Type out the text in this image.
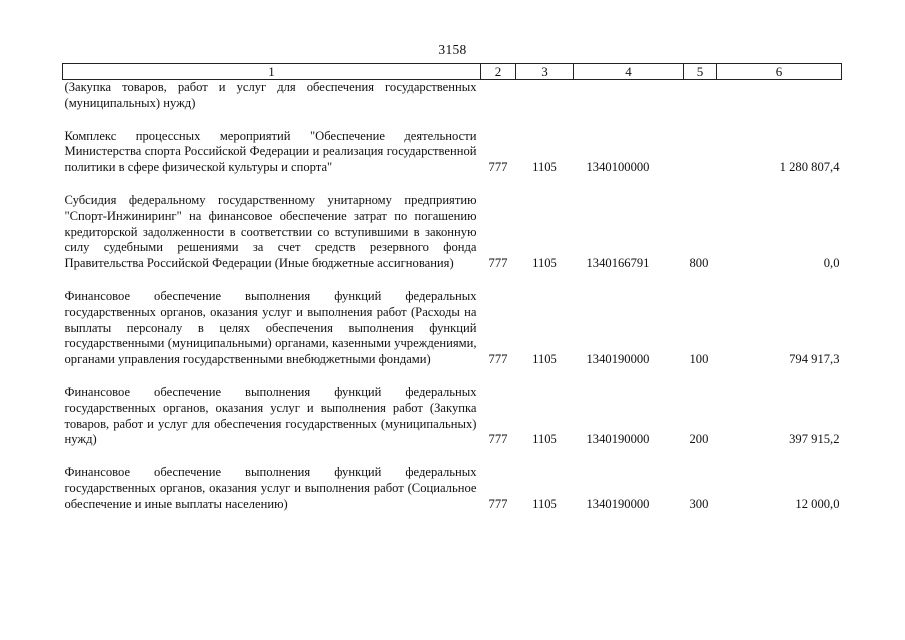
3158
1	2	3	4	5	6
(Закупка товаров, работ и услуг для обеспечения государственных (муниципальных) нужд)					

Комплекс процессных мероприятий "Обеспечение деятельности Министерства спорта Российской Федерации и реализация государственной политики в сфере физической культуры и спорта"	777	1105	1340100000		1 280 807,4

Субсидия федеральному государственному унитарному предприятию "Спорт-Инжиниринг" на финансовое обеспечение затрат по погашению кредиторской задолженности в соответствии со вступившими в законную силу судебными решениями за счет средств резервного фонда Правительства Российской Федерации (Иные бюджетные ассигнования)	777	1105	1340166791	800	0,0

Финансовое обеспечение выполнения функций федеральных государственных органов, оказания услуг и выполнения работ (Расходы на выплаты персоналу в целях обеспечения выполнения функций государственными (муниципальными) органами, казенными учреждениями, органами управления государственными внебюджетными фондами)	777	1105	1340190000	100	794 917,3

Финансовое обеспечение выполнения функций федеральных государственных органов, оказания услуг и выполнения работ (Закупка товаров, работ и услуг для обеспечения государственных (муниципальных) нужд)	777	1105	1340190000	200	397 915,2

Финансовое обеспечение выполнения функций федеральных государственных органов, оказания услуг и выполнения работ (Социальное обеспечение и иные выплаты населению)	777	1105	1340190000	300	12 000,0
